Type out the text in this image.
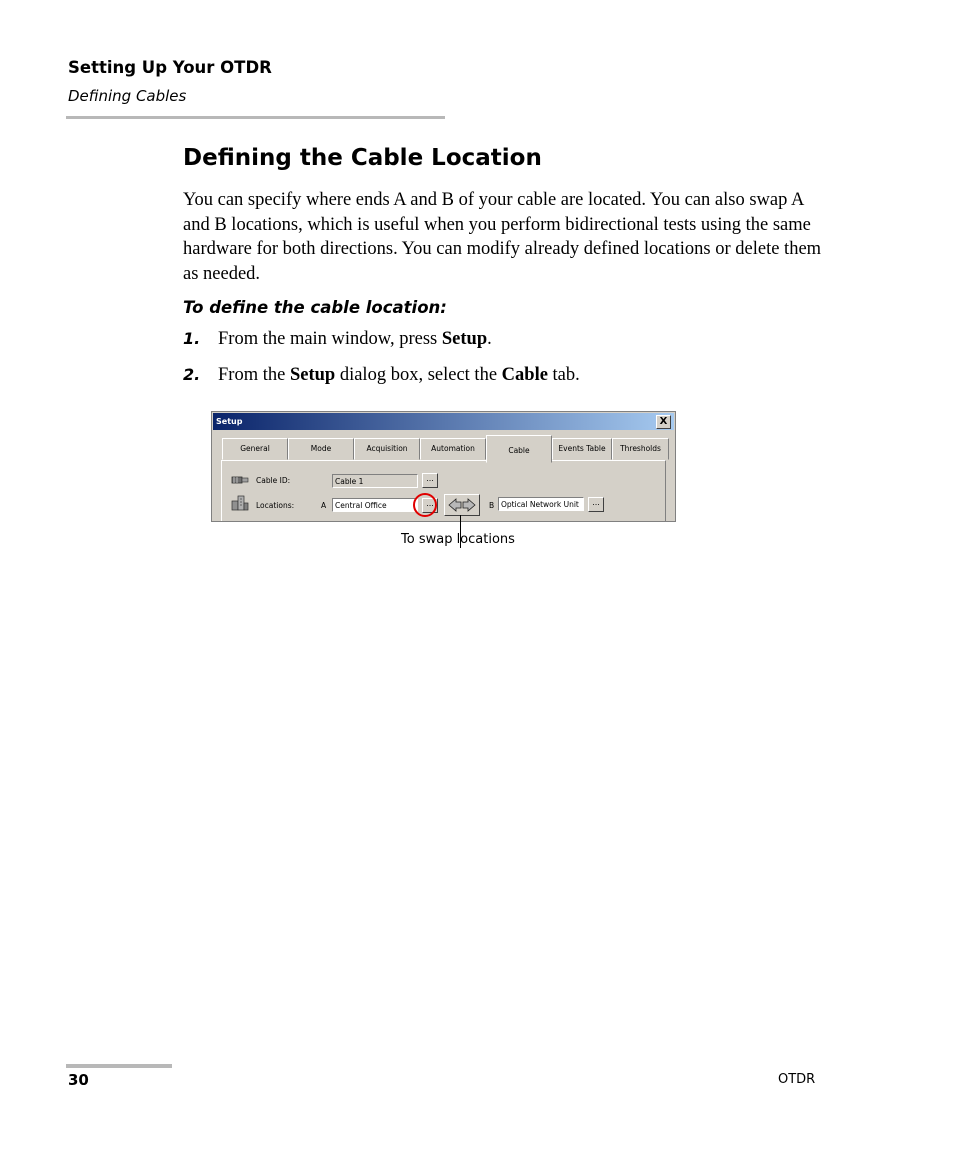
Setting Up Your OTDR
Defining Cables
Defining the Cable Location
You can specify where ends A and B of your cable are located. You can also swap A and B locations, which is useful when you perform bidirectional tests using the same hardware for both directions. You can modify already defined locations or delete them as needed.
To define the cable location:
1. From the main window, press Setup.
2. From the Setup dialog box, select the Cable tab.
Setup	X
General	Mode	Acquisition	Automation	Cable	Events Table	Thresholds
Cable ID:	Cable 1	...
Locations:	A	Central Office	...	B Optical Network Unit	...
To swap locations
30	OTDR
